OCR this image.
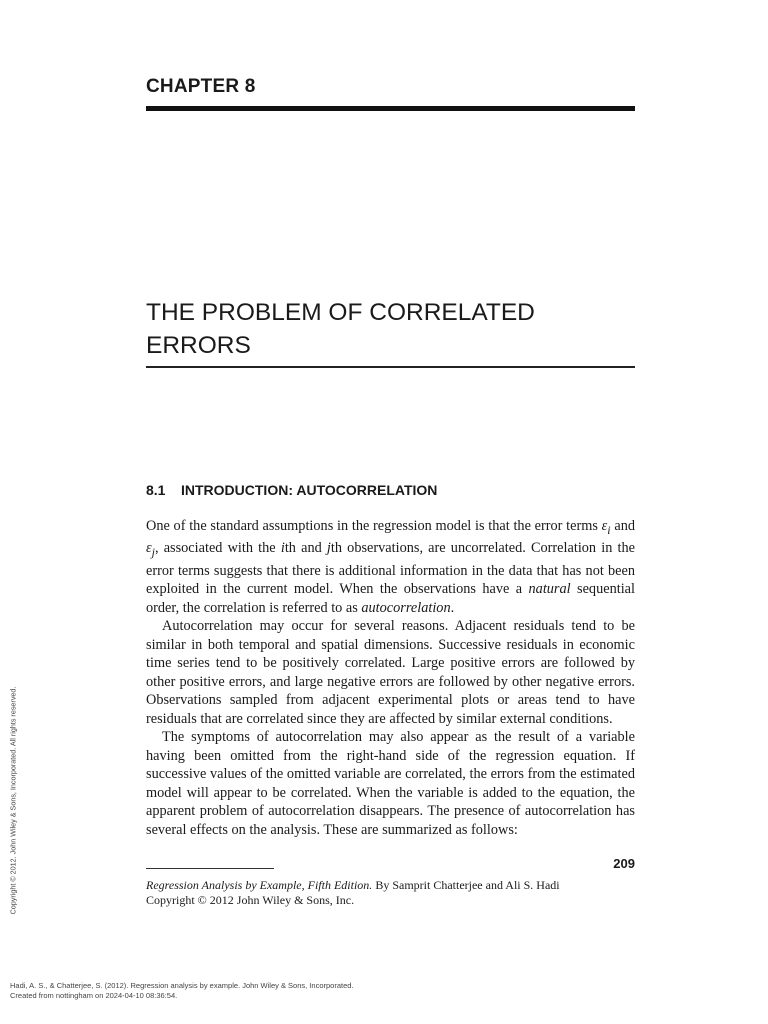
CHAPTER 8
THE PROBLEM OF CORRELATED
ERRORS
8.1 INTRODUCTION: AUTOCORRELATION

One of the standard assumptions in the regression model is that the error terms $\varepsilon_i$ and $\varepsilon_j$, associated with the ith and jth observations, are uncorrelated. Correlation in the error terms suggests that there is additional information in the data that has not been exploited in the current model. When the observations have a natural sequential order, the correlation is referred to as autocorrelation.

Autocorrelation may occur for several reasons. Adjacent residuals tend to be similar in both temporal and spatial dimensions. Successive residuals in economic time series tend to be positively correlated. Large positive errors are followed by other positive errors, and large negative errors are followed by other negative errors. Observations sampled from adjacent experimental plots or areas tend to have residuals that are correlated since they are affected by similar external conditions.

The symptoms of autocorrelation may also appear as the result of a variable having been omitted from the right-hand side of the regression equation. If successive values of the omitted variable are correlated, the errors from the estimated model will appear to be correlated. When the variable is added to the equation, the apparent problem of autocorrelation disappears. The presence of autocorrelation has several effects on the analysis. These are summarized as follows:

209
Regression Analysis by Example, Fifth Edition. By Samprit Chatterjee and Ali S. Hadi
Copyright © 2012 John Wiley & Sons, Inc.
Copyright © 2012. John Wiley & Sons, Incorporated. All rights reserved.
Hadi, A. S., & Chatterjee, S. (2012). Regression analysis by example. John Wiley & Sons, Incorporated.
Created from nottingham on 2024-04-10 08:36:54.
